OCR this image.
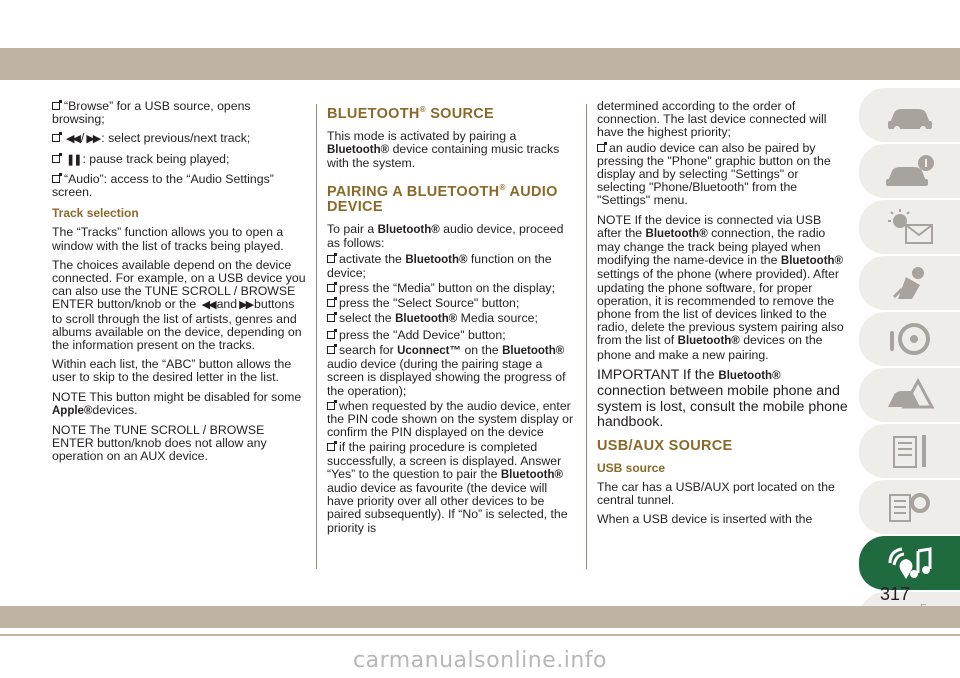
“Browse” for a USB source, opens browsing;

◀◀ / ▶▶ : select previous/next track;

❚❚ : pause track being played;

“Audio”: access to the “Audio Settings” screen.

Track selection

The “Tracks” function allows you to open a window with the list of tracks being played.

The choices available depend on the device connected. For example, on a USB device you can also use the TUNE SCROLL / BROWSE ENTER button/knob or the ◀◀ and ▶▶ buttons to scroll through the list of artists, genres and albums available on the device, depending on the information present on the tracks.

Within each list, the “ABC” button allows the user to skip to the desired letter in the list.

NOTE This button might be disabled for some Apple®devices.

NOTE The TUNE SCROLL / BROWSE ENTER button/knob does not allow any operation on an AUX device.

BLUETOOTH® SOURCE

This mode is activated by pairing a Bluetooth® device containing music tracks with the system.

PAIRING A BLUETOOTH® AUDIO DEVICE

To pair a Bluetooth® audio device, proceed as follows:

activate the Bluetooth® function on the device;

press the “Media” button on the display;

press the "Select Source" button;

select the Bluetooth® Media source;

press the "Add Device" button;

search for Uconnect™ on the Bluetooth® audio device (during the pairing stage a screen is displayed showing the progress of the operation);

when requested by the audio device, enter the PIN code shown on the system display or confirm the PIN displayed on the device

if the pairing procedure is completed successfully, a screen is displayed. Answer “Yes” to the question to pair the Bluetooth® audio device as favourite (the device will have priority over all other devices to be paired subsequently). If “No” is selected, the priority is

determined according to the order of connection. The last device connected will have the highest priority;

an audio device can also be paired by pressing the "Phone" graphic button on the display and by selecting "Settings" or selecting "Phone/Bluetooth" from the "Settings" menu.

NOTE If the device is connected via USB after the Bluetooth® connection, the radio may change the track being played when modifying the name-device in the Bluetooth® settings of the phone (where provided). After updating the phone software, for proper operation, it is recommended to remove the phone from the list of devices linked to the radio, delete the previous system pairing also from the list of Bluetooth® devices on the phone and make a new pairing.

IMPORTANT If the Bluetooth® connection between mobile phone and system is lost, consult the mobile phone handbook.

USB/AUX SOURCE
USB source

The car has a USB/AUX port located on the central tunnel.

When a USB device is inserted with the

317
carmanualsonline.info
